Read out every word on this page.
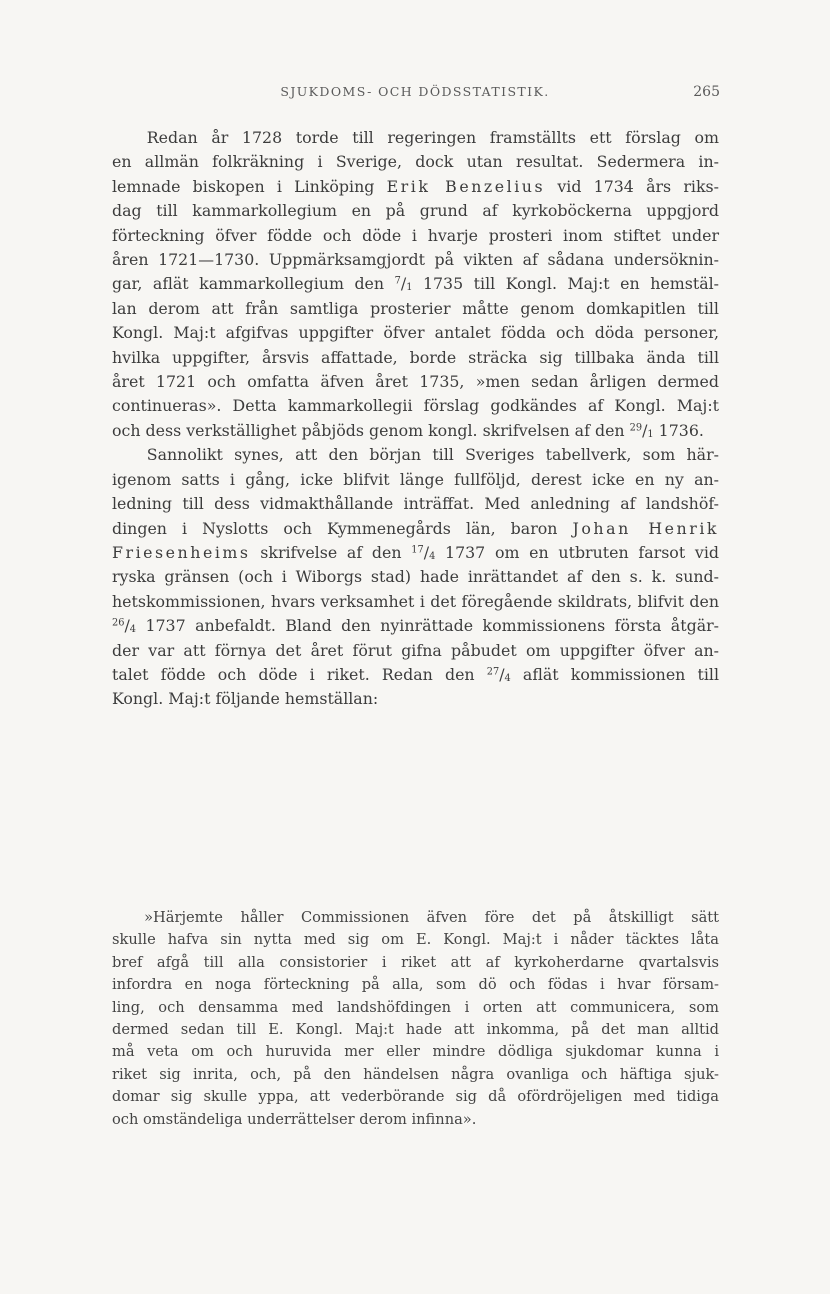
SJUKDOMS- OCH DÖDSSTATISTIK.	265
Redan år 1728 torde till regeringen framställts ett förslag om
en allmän folkräkning i Sverige, dock utan resultat. Sedermera in-
lemnade biskopen i Linköping Erik Benzelius vid 1734 års riks-
dag till kammarkollegium en på grund af kyrkoböckerna uppgjord
förteckning öfver födde och döde i hvarje prosteri inom stiftet under
åren 1721—1730. Uppmärksamgjordt på vikten af sådana undersöknin-
gar, aflät kammarkollegium den $^7/_1$ 1735 till Kongl. Maj:t en hemstäl-
lan derom att från samtliga prosterier måtte genom domkapitlen till
Kongl. Maj:t afgifvas uppgifter öfver antalet födda och döda personer,
hvilka uppgifter, årsvis affattade, borde sträcka sig tillbaka ända till
året 1721 och omfatta äfven året 1735, »men sedan årligen dermed
continueras». Detta kammarkollegii förslag godkändes af Kongl. Maj:t
och dess verkställighet påbjöds genom kongl. skrifvelsen af den $^{29}/_1$ 1736.
Sannolikt synes, att den början till Sveriges tabellverk, som här-
igenom satts i gång, icke blifvit länge fullföljd, derest icke en ny an-
ledning till dess vidmakthållande inträffat. Med anledning af landshöf-
dingen i Nyslotts och Kymmenegårds län, baron Johan Henrik
Friesenheims skrifvelse af den $^{17}/_4$ 1737 om en utbruten farsot vid
ryska gränsen (och i Wiborgs stad) hade inrättandet af den s. k. sund-
hetskommissionen, hvars verksamhet i det föregående skildrats, blifvit den
$^{26}/_4$ 1737 anbefaldt. Bland den nyinrättade kommissionens första åtgär-
der var att förnya det året förut gifna påbudet om uppgifter öfver an-
talet födde och döde i riket. Redan den $^{27}/_4$ aflät kommissionen till
Kongl. Maj:t följande hemställan:
»Härjemte håller Commissionen äfven före det på åtskilligt sätt
skulle hafva sin nytta med sig om E. Kongl. Maj:t i nåder täcktes låta
bref afgå till alla consistorier i riket att af kyrkoherdarne qvartalsvis
infordra en noga förteckning på alla, som dö och födas i hvar försam-
ling, och densamma med landshöfdingen i orten att communicera, som
dermed sedan till E. Kongl. Maj:t hade att inkomma, på det man alltid
må veta om och huruvida mer eller mindre dödliga sjukdomar kunna i
riket sig inrita, och, på den händelsen några ovanliga och häftiga sjuk-
domar sig skulle yppa, att vederbörande sig då ofördröjeligen med tidiga
och omständeliga underrättelser derom infinna».
